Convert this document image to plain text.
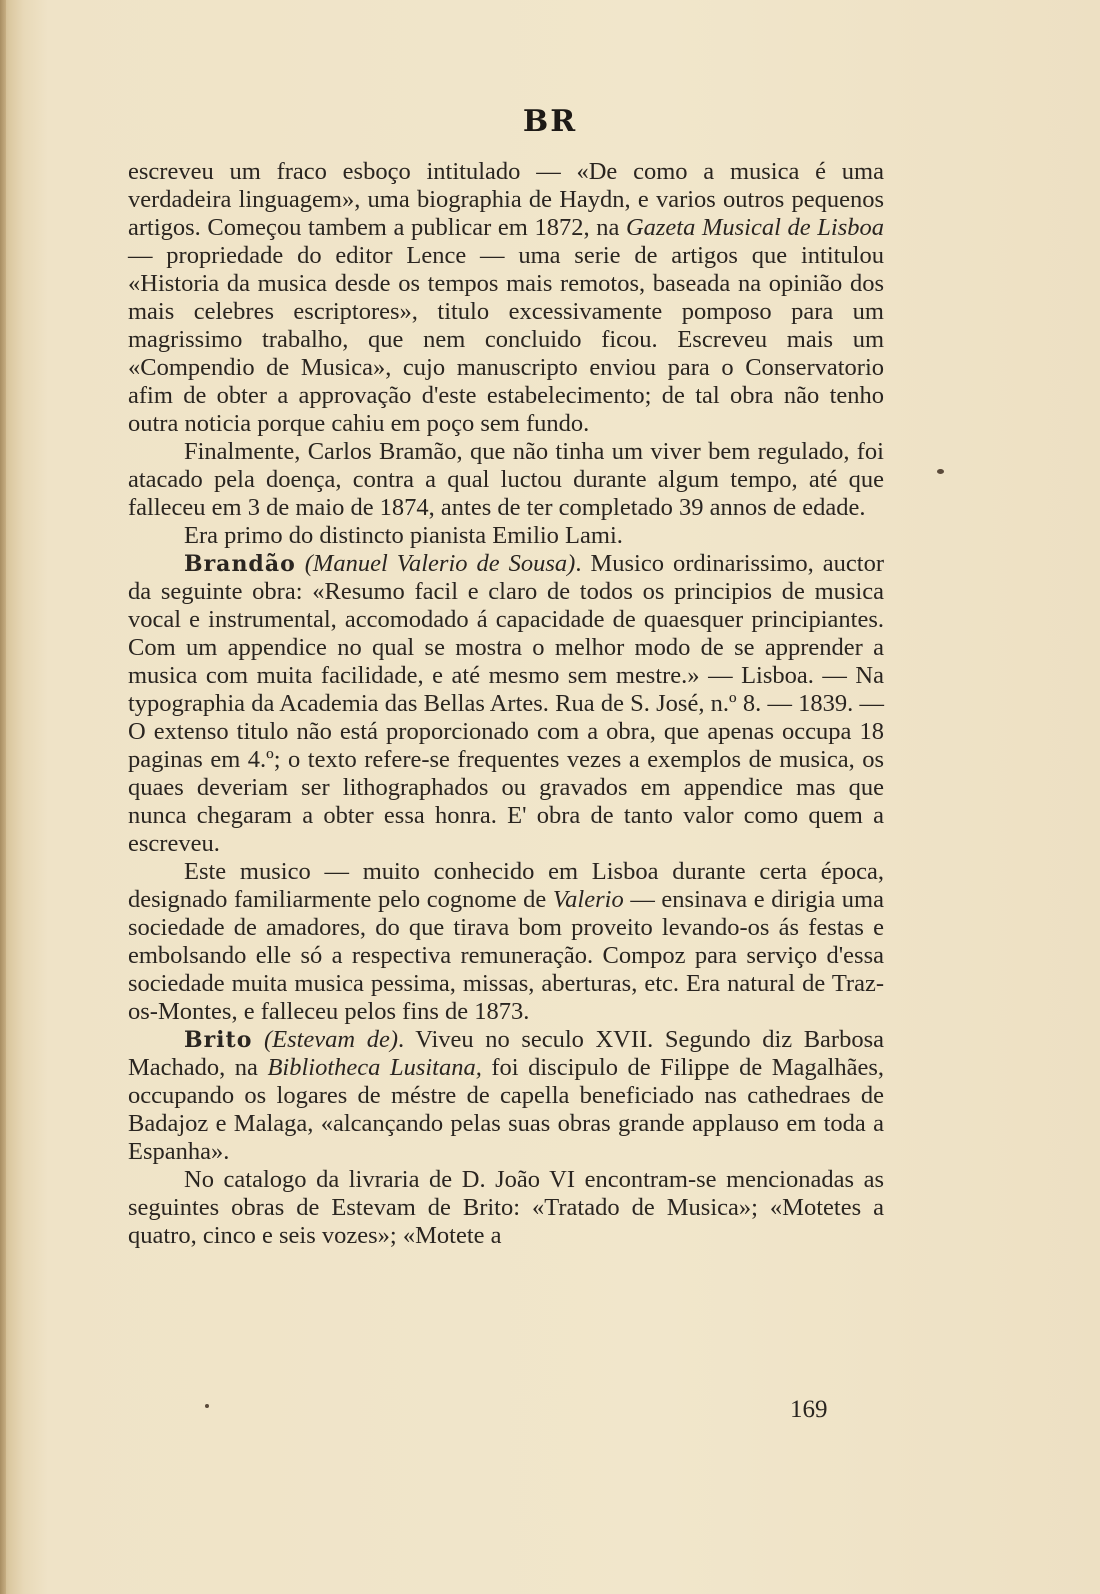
BR

escreveu um fraco esboço intitulado — «De como a musica é uma verdadeira linguagem», uma biographia de Haydn, e varios outros pequenos artigos. Começou tambem a publicar em 1872, na Gazeta Musical de Lisboa — propriedade do editor Lence — uma serie de artigos que intitulou «Historia da musica desde os tempos mais remotos, baseada na opinião dos mais celebres escriptores», titulo excessivamente pomposo para um magrissimo trabalho, que nem concluido ficou. Escreveu mais um «Compendio de Musica», cujo manuscripto enviou para o Conservatorio afim de obter a approvação d'este estabelecimento; de tal obra não tenho outra noticia porque cahiu em poço sem fundo.

Finalmente, Carlos Bramão, que não tinha um viver bem regulado, foi atacado pela doença, contra a qual luctou durante algum tempo, até que falleceu em 3 de maio de 1874, antes de ter completado 39 annos de edade.

Era primo do distincto pianista Emilio Lami.

Brandão (Manuel Valerio de Sousa). Musico ordinarissimo, auctor da seguinte obra: «Resumo facil e claro de todos os principios de musica vocal e instrumental, accomodado á capacidade de quaesquer principiantes. Com um appendice no qual se mostra o melhor modo de se apprender a musica com muita facilidade, e até mesmo sem mestre.» — Lisboa. — Na typographia da Academia das Bellas Artes. Rua de S. José, n.º 8. — 1839. — O extenso titulo não está proporcionado com a obra, que apenas occupa 18 paginas em 4.º; o texto refere-se frequentes vezes a exemplos de musica, os quaes deveriam ser lithographados ou gravados em appendice mas que nunca chegaram a obter essa honra. E' obra de tanto valor como quem a escreveu.

Este musico — muito conhecido em Lisboa durante certa época, designado familiarmente pelo cognome de Valerio — ensinava e dirigia uma sociedade de amadores, do que tirava bom proveito levando-os ás festas e embolsando elle só a respectiva remuneração. Compoz para serviço d'essa sociedade muita musica pessima, missas, aberturas, etc. Era natural de Traz-os-Montes, e falleceu pelos fins de 1873.

Brito (Estevam de). Viveu no seculo XVII. Segundo diz Barbosa Machado, na Bibliotheca Lusitana, foi discipulo de Filippe de Magalhães, occupando os logares de méstre de capella beneficiado nas cathedraes de Badajoz e Malaga, «alcançando pelas suas obras grande applauso em toda a Espanha».

No catalogo da livraria de D. João VI encontram-se mencionadas as seguintes obras de Estevam de Brito: «Tratado de Musica»; «Motetes a quatro, cinco e seis vozes»; «Motete a

169
